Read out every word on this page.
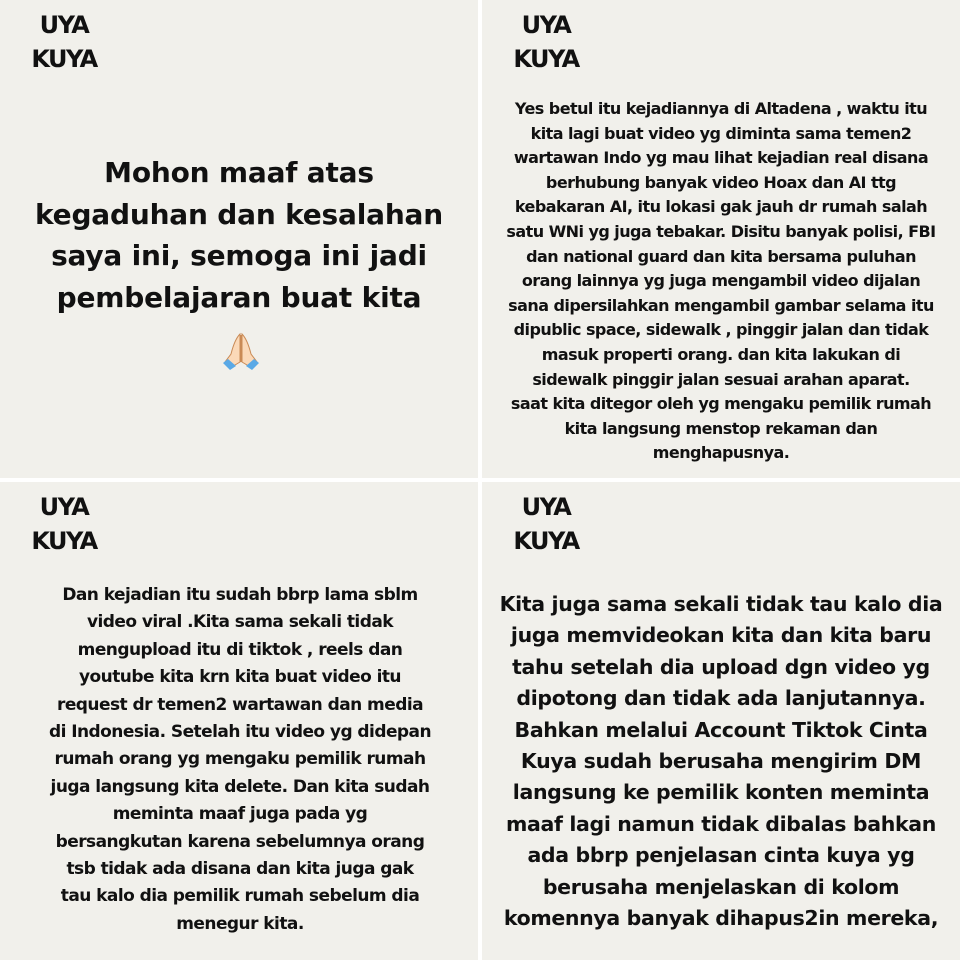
UYA
KUYA
Mohon maaf atas
kegaduhan dan kesalahan
saya ini, semoga ini jadi
pembelajaran buat kita
UYA
KUYA
Yes betul itu kejadiannya di Altadena , waktu itu
kita lagi buat video yg diminta sama temen2
wartawan Indo yg mau lihat kejadian real disana
berhubung banyak video Hoax dan AI ttg
kebakaran AI, itu lokasi gak jauh dr rumah salah
satu WNi yg juga tebakar. Disitu banyak polisi, FBI
dan national guard dan kita bersama puluhan
orang lainnya yg juga mengambil video dijalan
sana dipersilahkan mengambil gambar selama itu
dipublic space, sidewalk , pinggir jalan dan tidak
masuk properti orang. dan kita lakukan di
sidewalk pinggir jalan sesuai arahan aparat.
saat kita ditegor oleh yg mengaku pemilik rumah
kita langsung menstop rekaman dan
menghapusnya.
UYA
KUYA
Dan kejadian itu sudah bbrp lama sblm
video viral .Kita sama sekali tidak
mengupload itu di tiktok , reels dan
youtube kita krn kita buat video itu
request dr temen2 wartawan dan media
di Indonesia. Setelah itu video yg didepan
rumah orang yg mengaku pemilik rumah
juga langsung kita delete. Dan kita sudah
meminta maaf juga pada yg
bersangkutan karena sebelumnya orang
tsb tidak ada disana dan kita juga gak
tau kalo dia pemilik rumah sebelum dia
menegur kita.
UYA
KUYA
Kita juga sama sekali tidak tau kalo dia
juga memvideokan kita dan kita baru
tahu setelah dia upload dgn video yg
dipotong dan tidak ada lanjutannya.
Bahkan melalui Account Tiktok Cinta
Kuya sudah berusaha mengirim DM
langsung ke pemilik konten meminta
maaf lagi namun tidak dibalas bahkan
ada bbrp penjelasan cinta kuya yg
berusaha menjelaskan di kolom
komennya banyak dihapus2in mereka,
